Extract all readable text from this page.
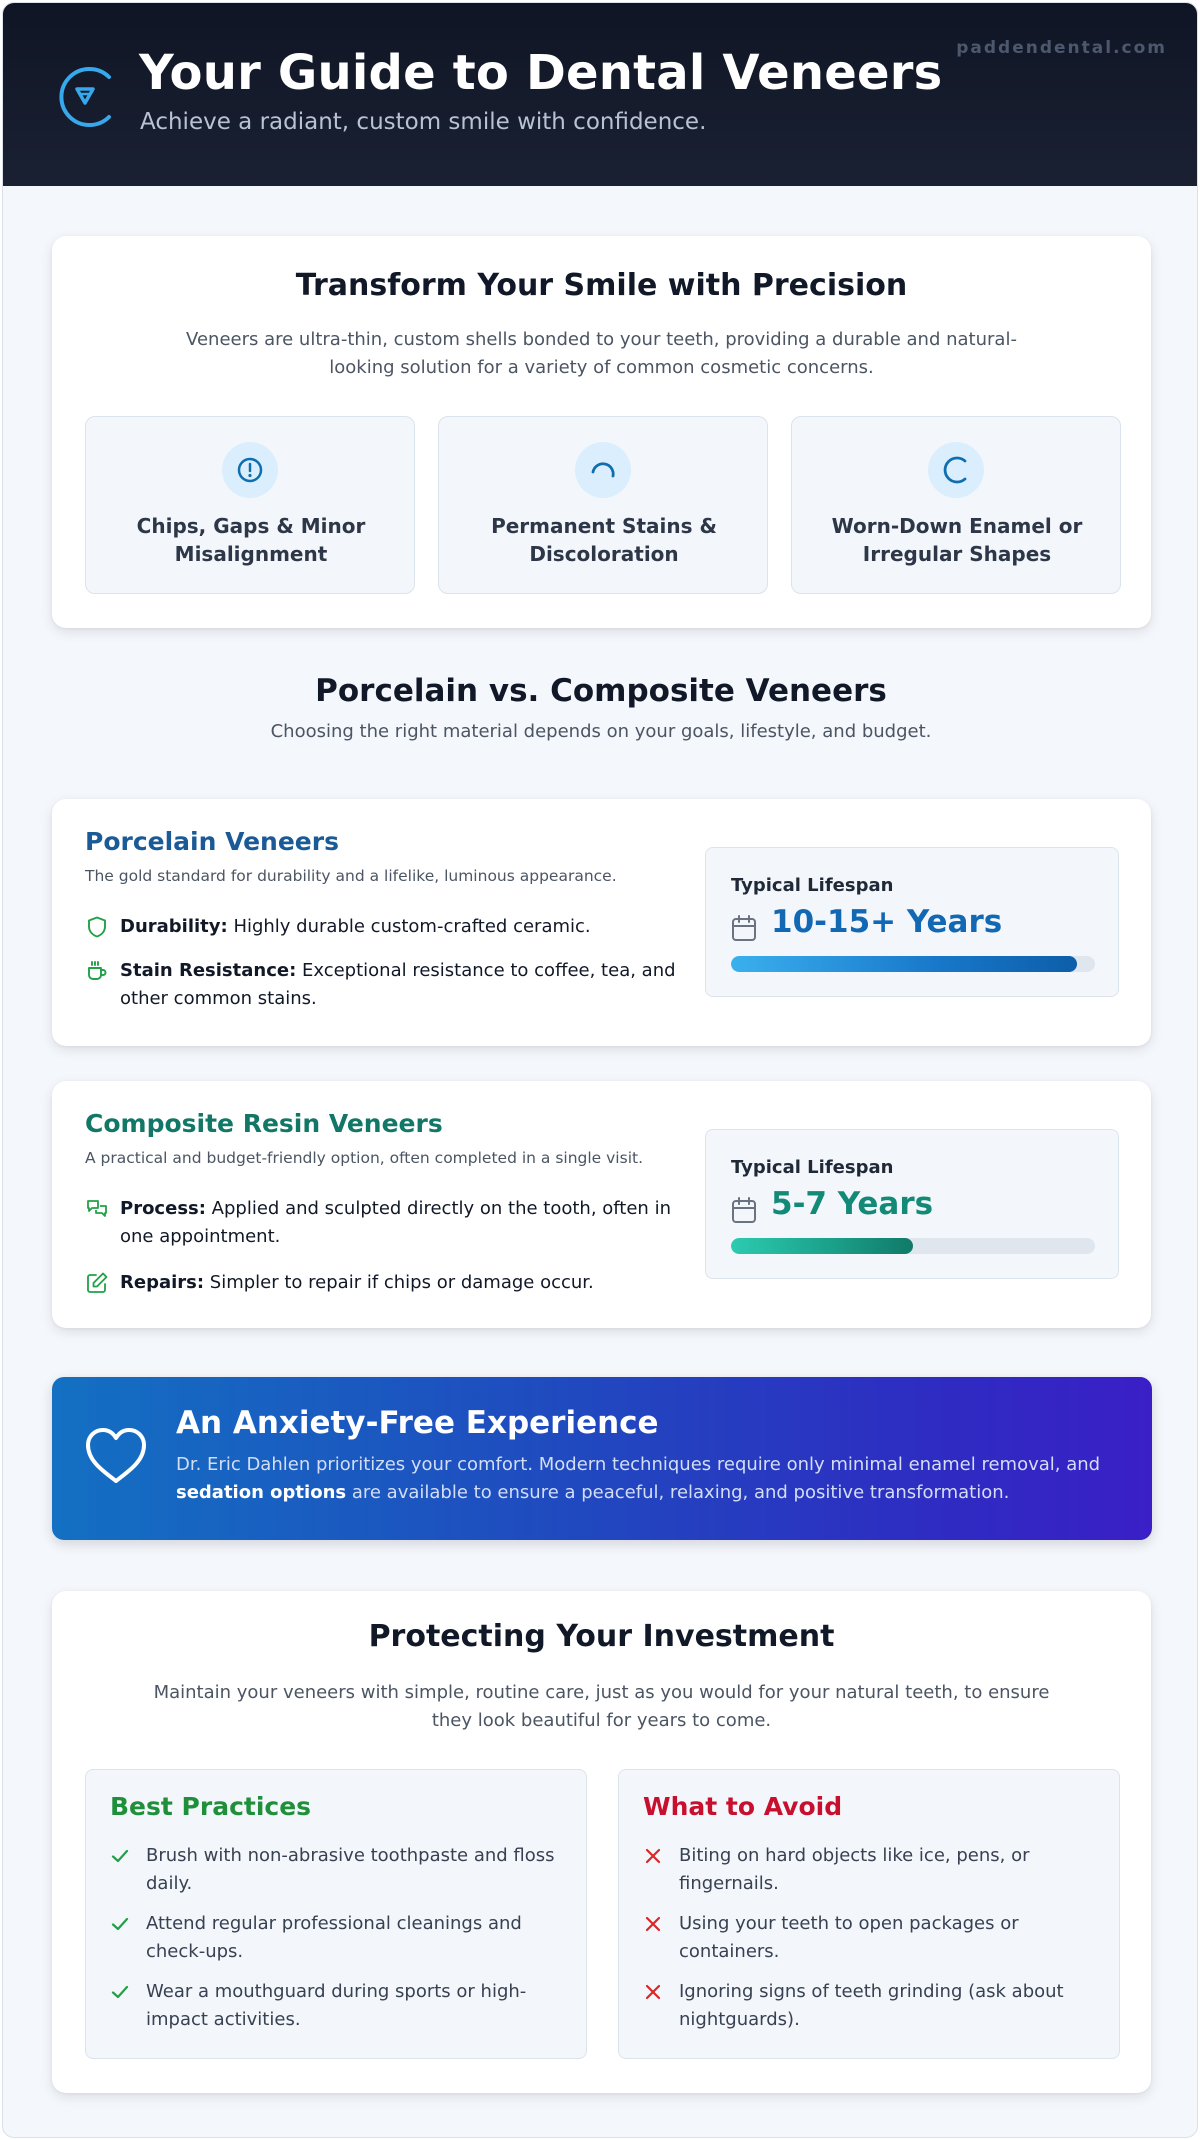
Your Guide to Dental Veneers
Achieve a radiant, custom smile with confidence.
paddendental.com
Transform Your Smile with Precision
Veneers are ultra-thin, custom shells bonded to your teeth, providing a durable and natural-looking solution for a variety of common cosmetic concerns.
Chips, Gaps & Minor Misalignment
Permanent Stains & Discoloration
Worn-Down Enamel or Irregular Shapes
Porcelain vs. Composite Veneers
Choosing the right material depends on your goals, lifestyle, and budget.
Porcelain Veneers
The gold standard for durability and a lifelike, luminous appearance.
Durability: Highly durable custom-crafted ceramic.
Stain Resistance: Exceptional resistance to coffee, tea, and other common stains.
Typical Lifespan
10-15+ Years
Composite Resin Veneers
A practical and budget-friendly option, often completed in a single visit.
Process: Applied and sculpted directly on the tooth, often in one appointment.
Repairs: Simpler to repair if chips or damage occur.
Typical Lifespan
5-7 Years
An Anxiety-Free Experience
Dr. Eric Dahlen prioritizes your comfort. Modern techniques require only minimal enamel removal, and sedation options are available to ensure a peaceful, relaxing, and positive transformation.
Protecting Your Investment
Maintain your veneers with simple, routine care, just as you would for your natural teeth, to ensure they look beautiful for years to come.
Best Practices
Brush with non-abrasive toothpaste and floss daily.
Attend regular professional cleanings and check-ups.
Wear a mouthguard during sports or high-impact activities.
What to Avoid
Biting on hard objects like ice, pens, or fingernails.
Using your teeth to open packages or containers.
Ignoring signs of teeth grinding (ask about nightguards).
